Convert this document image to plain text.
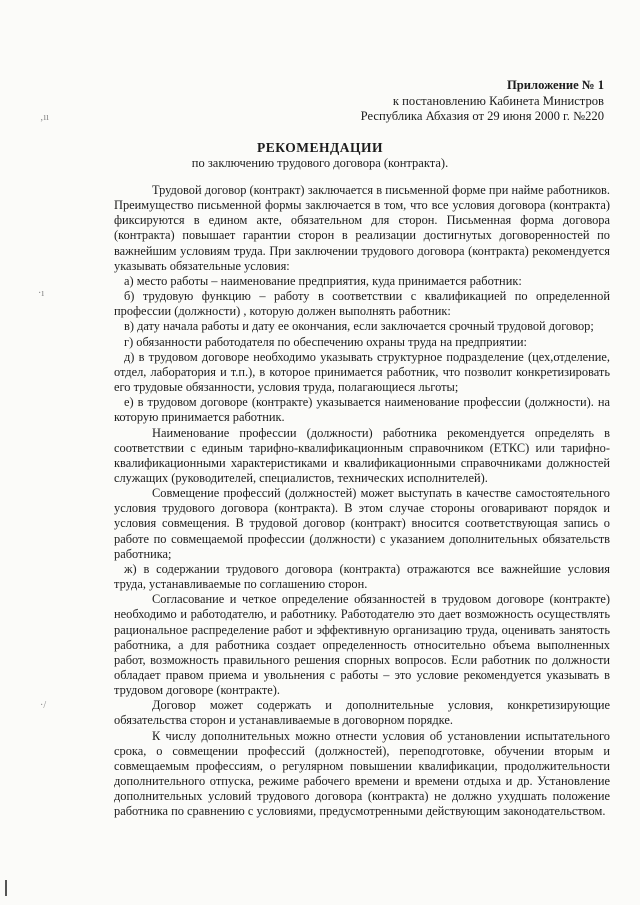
‚ıı
·ı
·/
Приложение № 1
к постановлению Кабинета Министров
Республика Абхазия от 29 июня 2000 г. №220
РЕКОМЕНДАЦИИ
по заключению трудового договора (контракта).

Трудовой договор (контракт) заключается в письменной форме при найме работников. Преимущество письменной формы заключается в том, что все условия договора (контракта) фиксируются в едином акте, обязательном для сторон. Письменная форма договора (контракта) повышает гарантии сторон в реализации достигнутых договоренностей по важнейшим условиям труда. При заключении трудового договора (контракта) рекомендуется указывать обязательные условия:

а) место работы – наименование предприятия, куда принимается работник:

б) трудовую функцию – работу в соответствии с квалификацией по определенной профессии (должности) , которую должен выполнять работник:

в) дату начала работы и дату ее окончания, если заключается срочный трудовой договор;

г) обязанности работодателя по обеспечению охраны труда на предприятии:

д) в трудовом договоре необходимо указывать структурное подразделение (цех,отделение, отдел, лаборатория и т.п.), в которое принимается работник, что позволит конкретизировать его трудовые обязанности, условия труда, полагающиеся льготы;

е) в трудовом договоре (контракте) указывается наименование профессии (должности). на которую принимается работник.

Наименование профессии (должности) работника рекомендуется определять в соответствии с единым тарифно-квалификационным справочником (ЕТКС) или тарифно-квалификационными характеристиками и квалификационными справочниками должностей служащих (руководителей, специалистов, технических исполнителей).

Совмещение профессий (должностей) может выступать в качестве самостоятельного условия трудового договора (контракта). В этом случае стороны оговаривают порядок и условия совмещения. В трудовой договор (контракт) вносится соответствующая запись о работе по совмещаемой профессии (должности) с указанием дополнительных обязательств работника;

ж) в содержании трудового договора (контракта) отражаются все важнейшие условия труда, устанавливаемые по соглашению сторон.

Согласование и четкое определение обязанностей в трудовом договоре (контракте) необходимо и работодателю, и работнику. Работодателю это дает возможность осуществлять рациональное распределение работ и эффективную организацию труда, оценивать занятость работника, а для работника создает определенность относительно объема выполненных работ, возможность правильного решения спорных вопросов. Если работник по должности обладает правом приема и увольнения с работы – это условие рекомендуется указывать в трудовом договоре (контракте).

Договор может содержать и дополнительные условия, конкретизирующие обязательства сторон и устанавливаемые в договорном порядке.

К числу дополнительных можно отнести условия об установлении испытательного срока, о совмещении профессий (должностей), переподготовке, обучении вторым и совмещаемым профессиям, о регулярном повышении квалификации, продолжительности дополнительного отпуска, режиме рабочего времени и времени отдыха и др. Установление дополнительных условий трудового договора (контракта) не должно ухудшать положение работника по сравнению с условиями, предусмотренными действующим законодательством.
